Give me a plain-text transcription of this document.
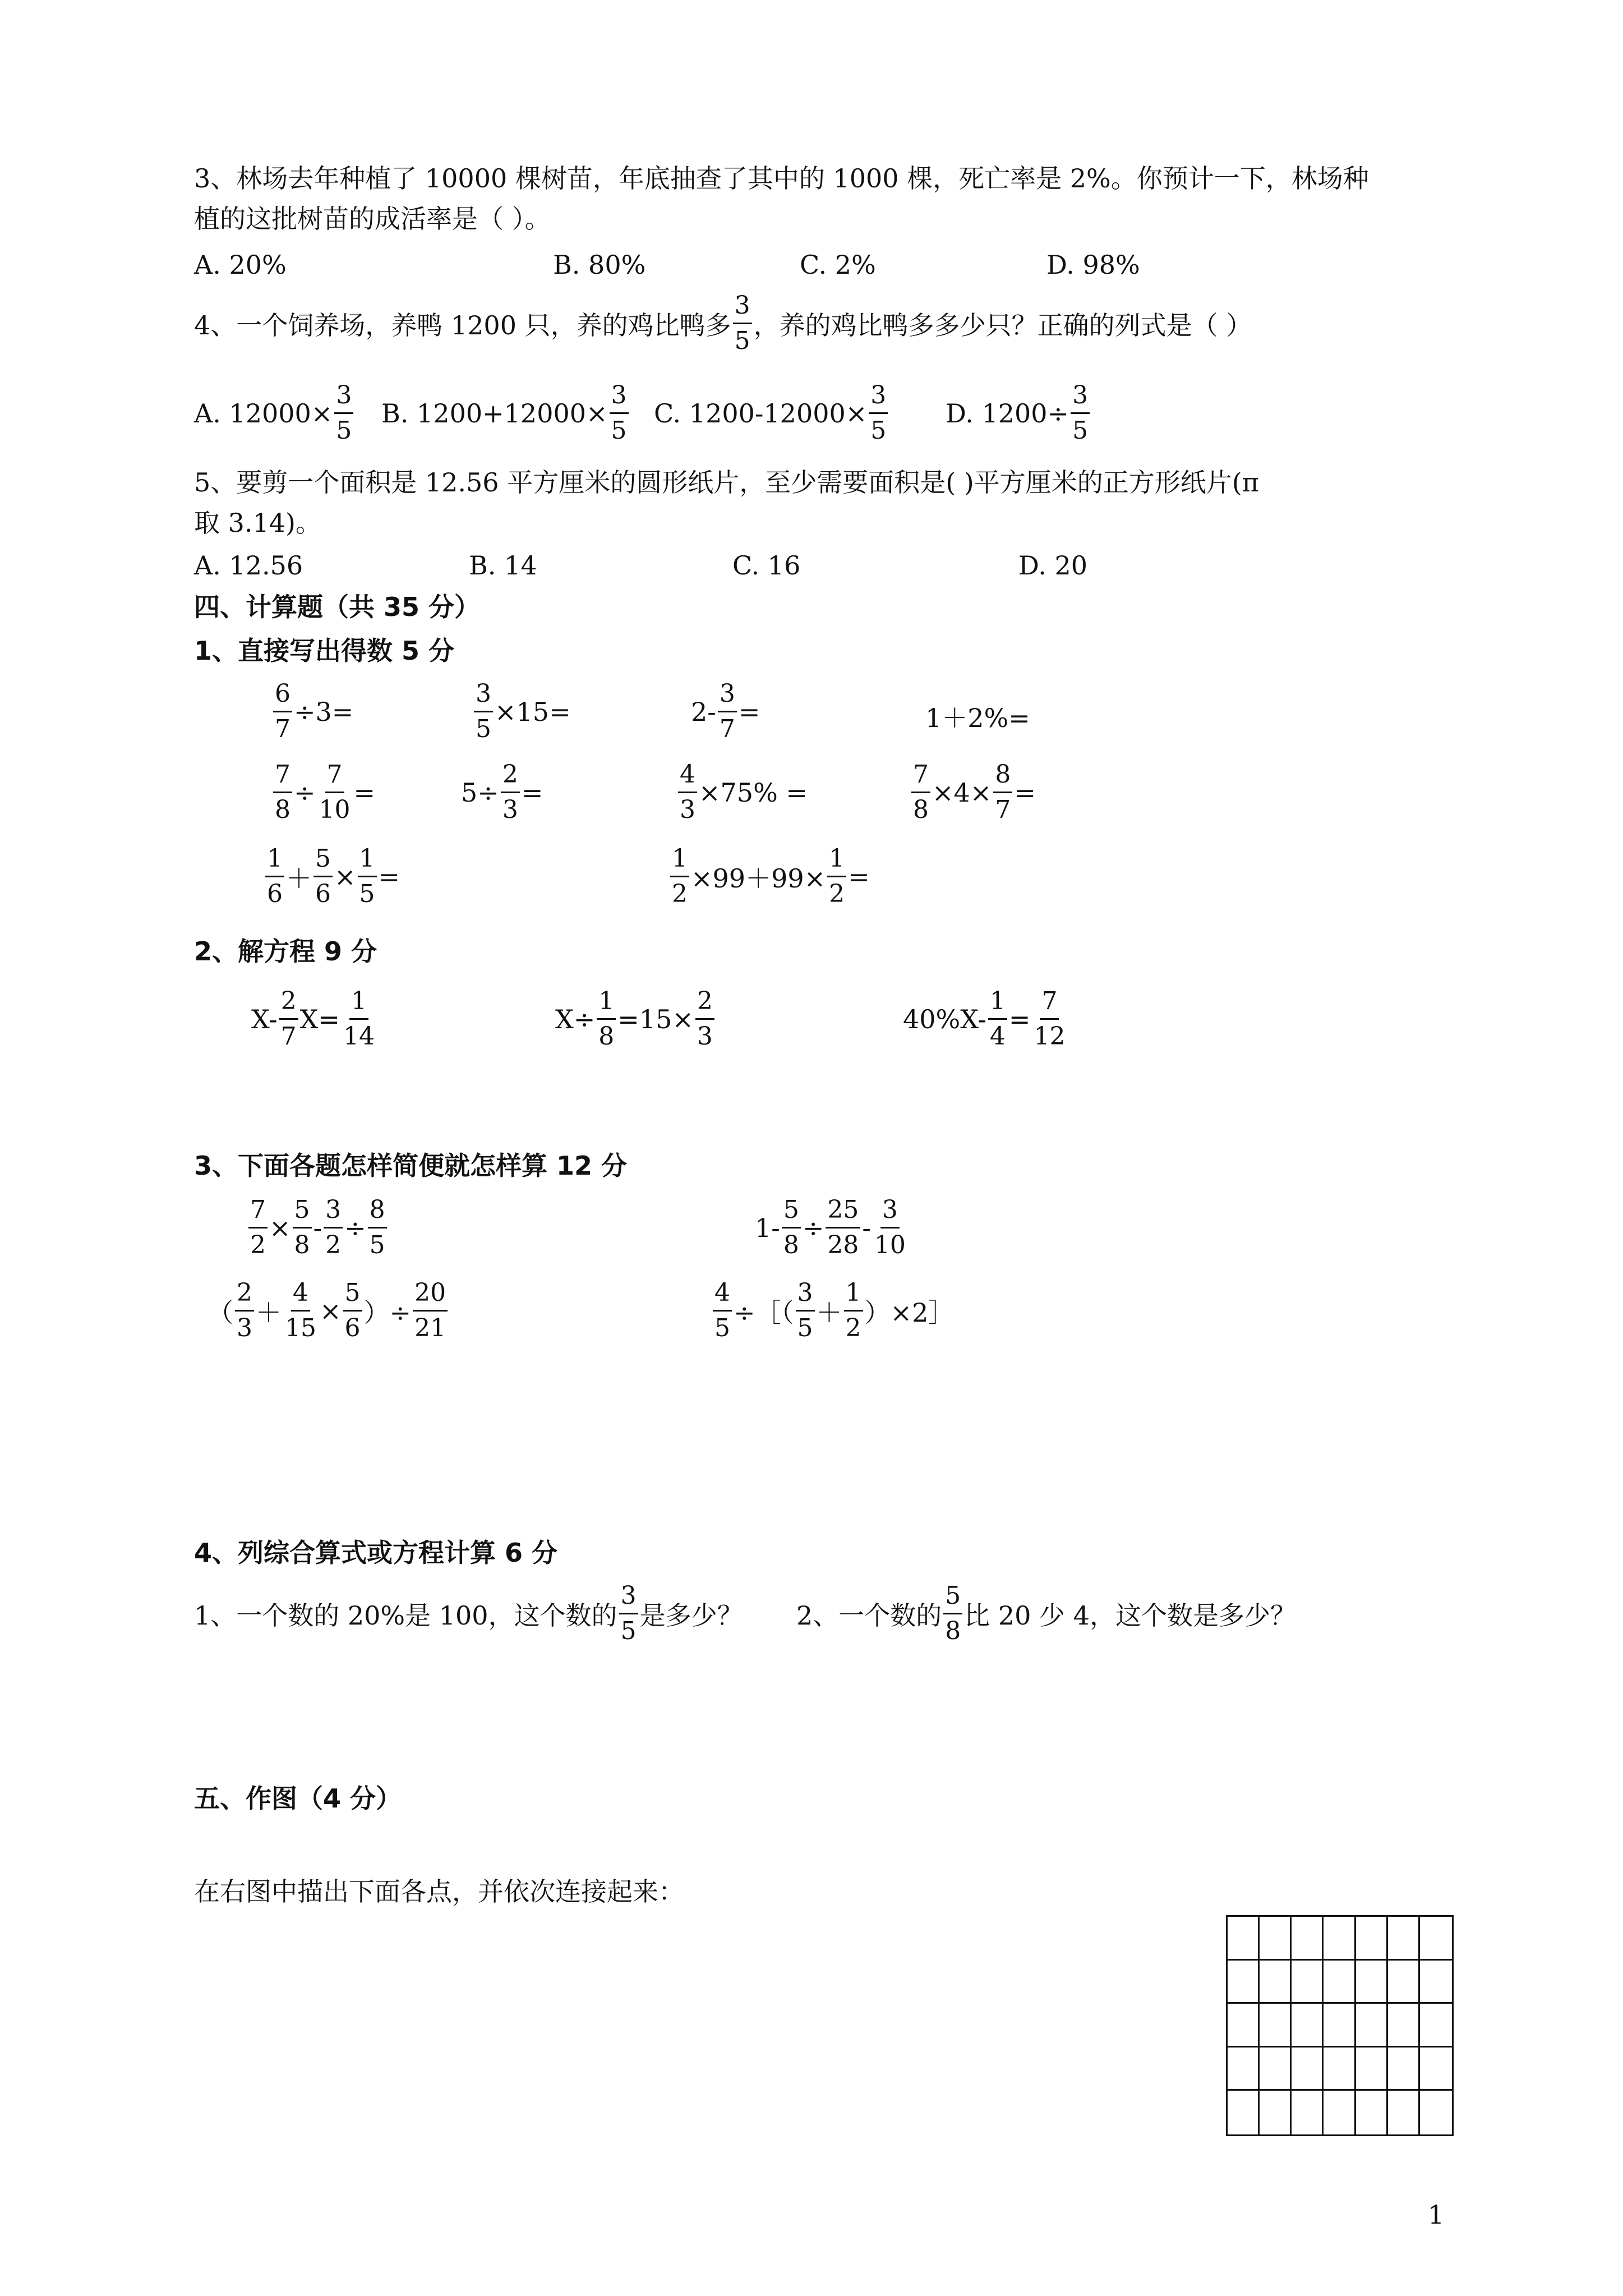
3、林场去年种植了 10000 棵树苗，年底抽查了其中的 1000 棵，死亡率是 2%。你预计一下，林场种
植的这批树苗的成活率是（ ）。
A. 20%	B. 80%	C. 2%	D. 98%
4、一个饲养场，养鸭 1200 只，养的鸡比鸭多 $\frac{3}{5}$ ，养的鸡比鸭多多少只？正确的列式是（ ）
A. $12000\times \frac{3}{5} B$. $1200+12000\times \frac{3}{5} C$. $1200-12000\times \frac{3}{5} D$. $1200\div \frac{3}{5}$
5、要剪一个面积是 12.56 平方厘米的圆形纸片，至少需要面积是( )平方厘米的正方形纸片(π
取 3.14)。
A. 12.56	B. 14	C. 16	D. 20
四、计算题（共 35 分）
1、直接写出得数 5 分
$\frac{6}{7} \div 3=$	$\frac{3}{5} \times 15=$	$2- \frac{3}{7}$ =	1＋2%=
$\frac{7}{8} \div \frac{7}{10}$ =	$5\div \frac{2}{3}$ =	$\frac{4}{3} \times 75\%$ =	$\frac{7}{8} \times 4\times \frac{8}{7}$ =
$\frac{1}{6} + \frac{5}{6} \times \frac{1}{5}$ =	$\frac{1}{2} \times 99+99\times \frac{1}{2}$ =
2、解方程 9 分
$X- \frac{2}{7} X= \frac{1}{14}$	$X\div \frac{1}{8} =15\times \frac{2}{3}$	$40\%X- \frac{1}{4} = \frac{7}{12}$
3、下面各题怎样简便就怎样算 12 分
$\frac{7}{2} \times \frac{5}{8} - \frac{3}{2} \div \frac{8}{5}$	$1- \frac{5}{8} \div \frac{25}{28} - \frac{3}{10}$
（ $\frac{2}{3} + \frac{4}{15} \times \frac{5}{6}$ ）÷ $\frac{20}{21}$	$\frac{4}{5}$ ÷［（ $\frac{3}{5} + \frac{1}{2}$ ）×2］
4、列综合算式或方程计算 6 分
1、一个数的 20%是 100，这个数的 $\frac{3}{5}$ 是多少？ 2、一个数的 $\frac{5}{8}$ 比 20 少 4，这个数是多少？
五、作图（4 分）
在右图中描出下面各点，并依次连接起来：
1
